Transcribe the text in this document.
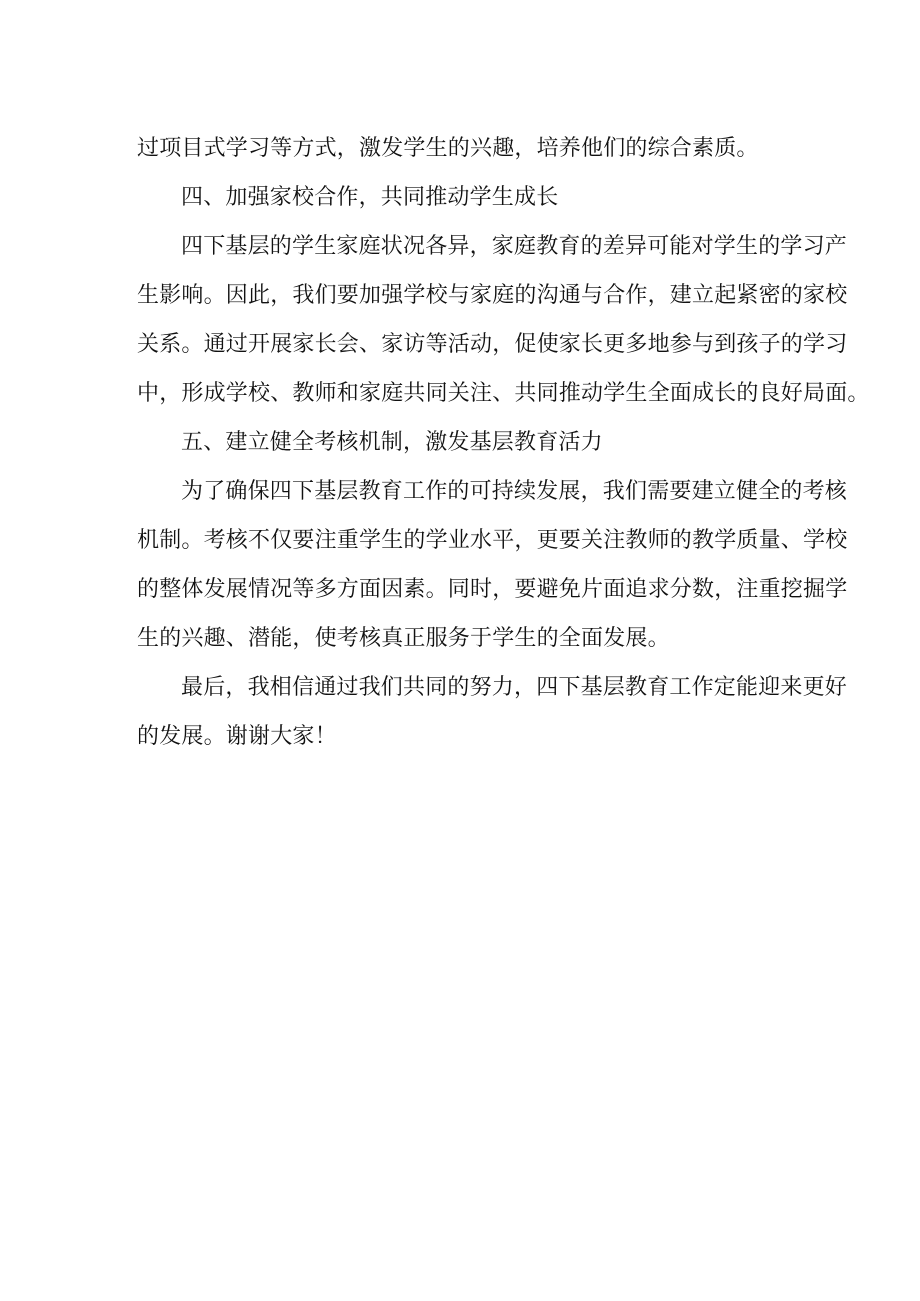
过项目式学习等方式，激发学生的兴趣，培养他们的综合素质。
四、加强家校合作，共同推动学生成长
四下基层的学生家庭状况各异，家庭教育的差异可能对学生的学习产
生影响。因此，我们要加强学校与家庭的沟通与合作，建立起紧密的家校
关系。通过开展家长会、家访等活动，促使家长更多地参与到孩子的学习
中，形成学校、教师和家庭共同关注、共同推动学生全面成长的良好局面。
五、建立健全考核机制，激发基层教育活力
为了确保四下基层教育工作的可持续发展，我们需要建立健全的考核
机制。考核不仅要注重学生的学业水平，更要关注教师的教学质量、学校
的整体发展情况等多方面因素。同时，要避免片面追求分数，注重挖掘学
生的兴趣、潜能，使考核真正服务于学生的全面发展。
最后，我相信通过我们共同的努力，四下基层教育工作定能迎来更好
的发展。谢谢大家！
